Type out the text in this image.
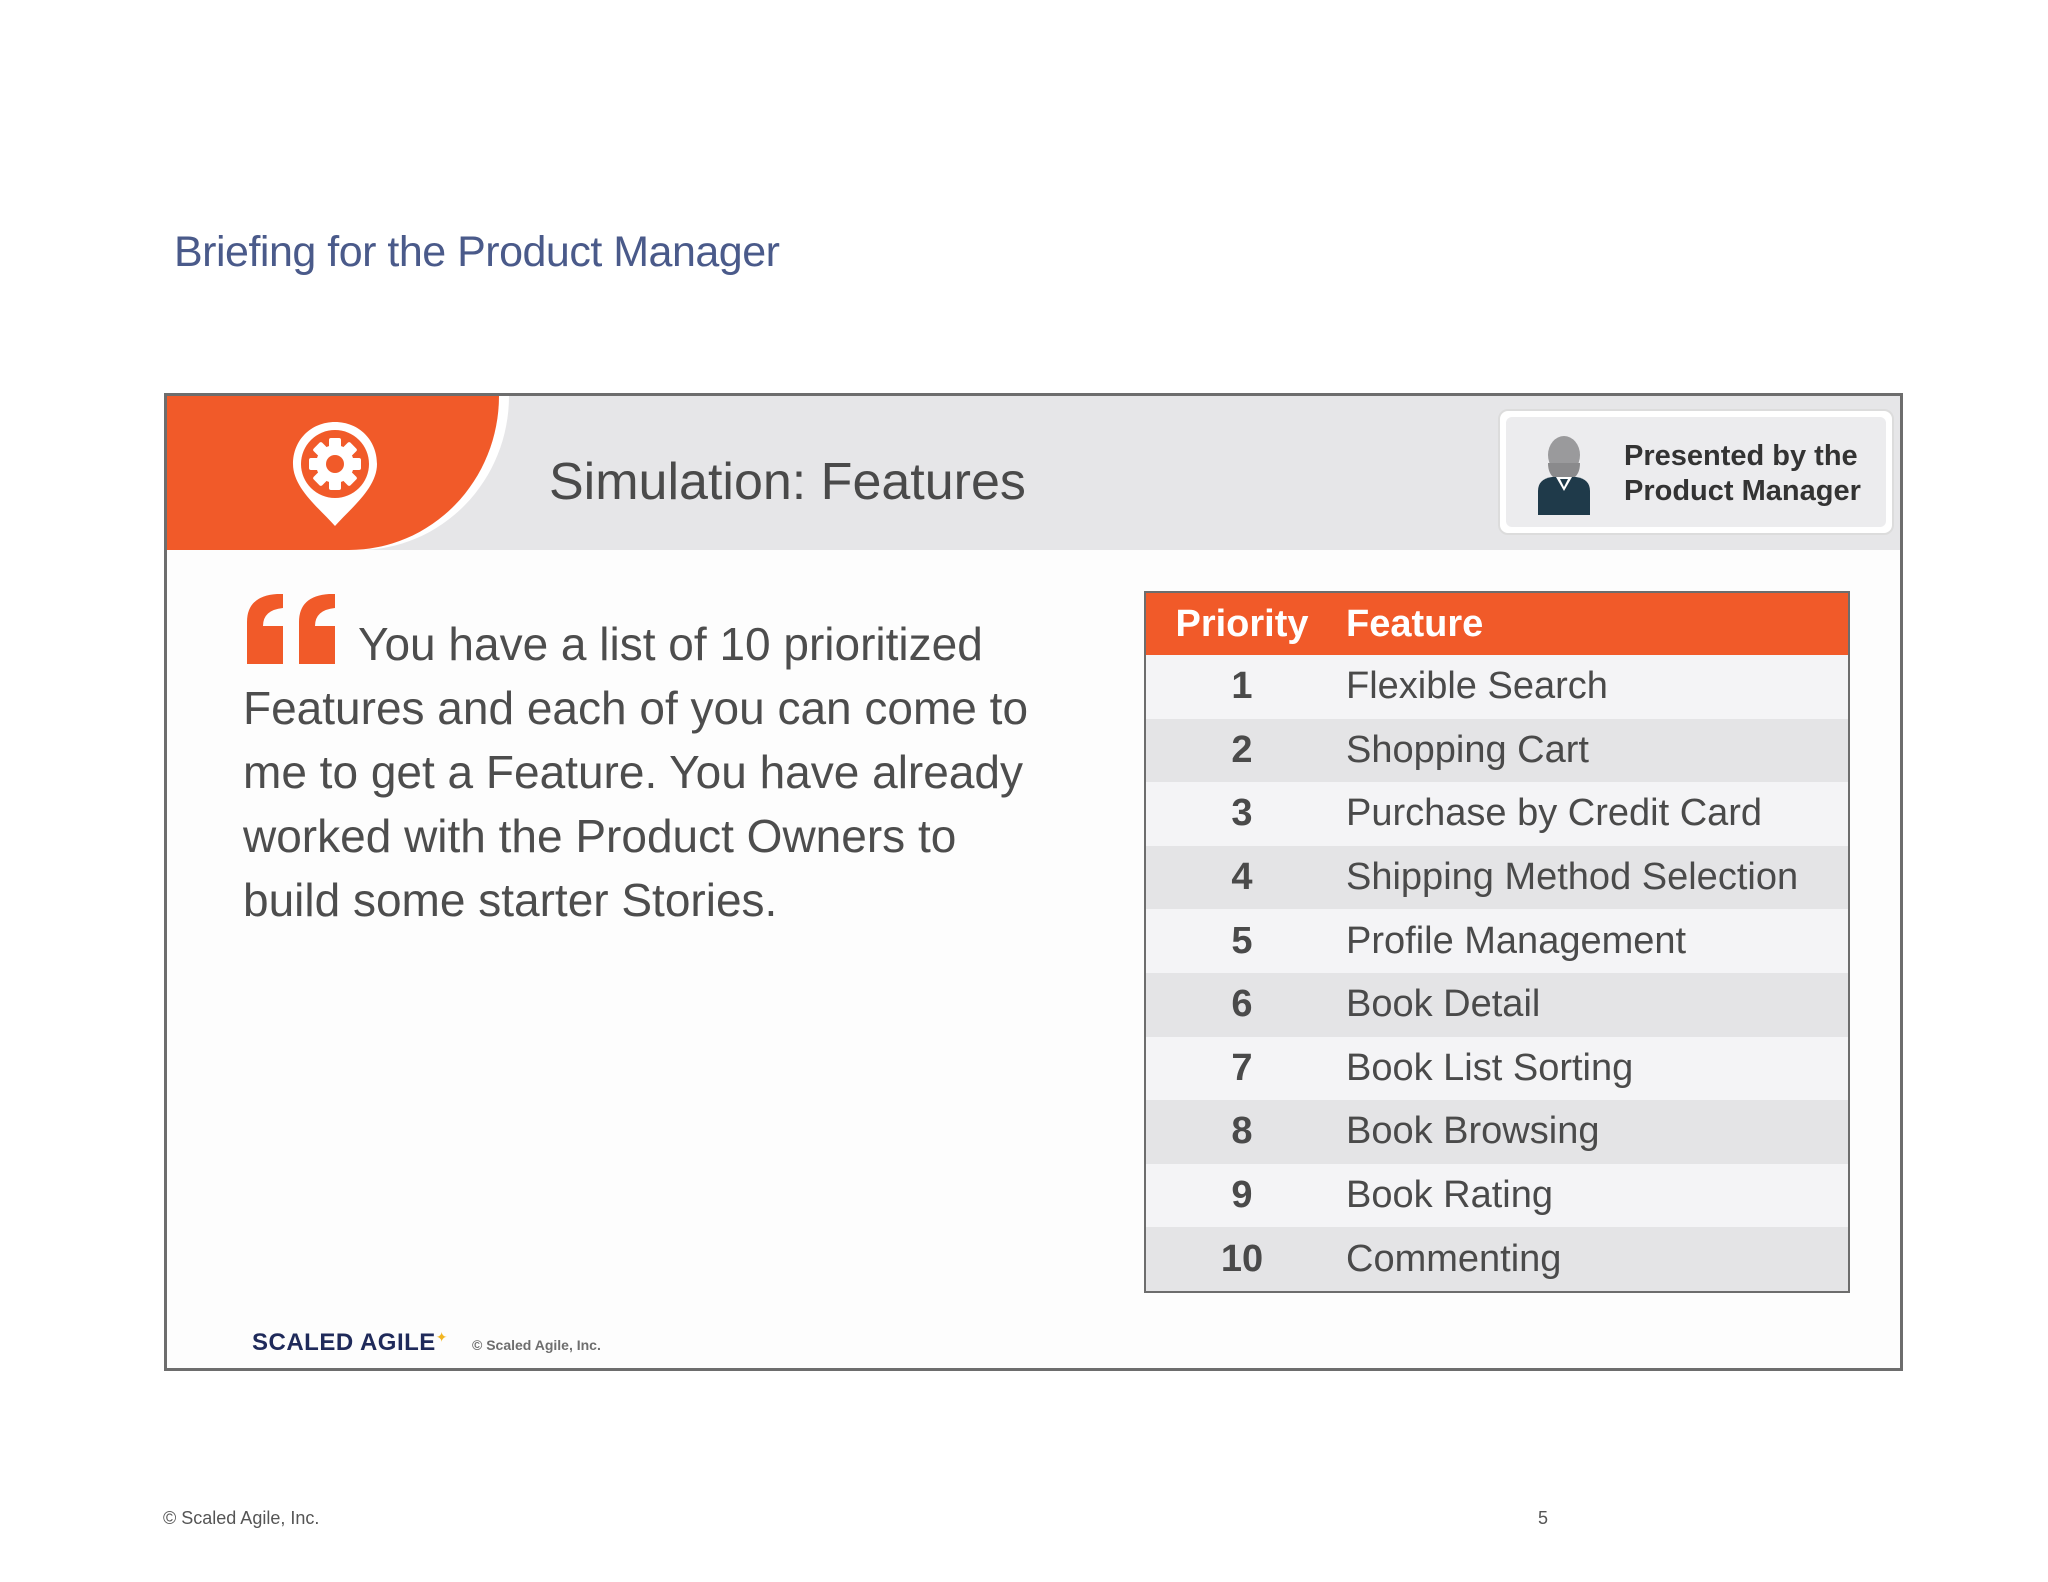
Briefing for the Product Manager
Simulation: Features	Presented by the Product Manager
You have a list of 10 prioritized Features and each of you can come to me to get a Feature. You have already worked with the Product Owners to build some starter Stories.
Priority Feature
1	Flexible Search
2	Shopping Cart
3	Purchase by Credit Card
4	Shipping Method Selection
5	Profile Management
6	Book Detail
7	Book List Sorting
8	Book Browsing
9	Book Rating
10	Commenting
SCALED AGILE✦ © Scaled Agile, Inc.
© Scaled Agile, Inc.	5
